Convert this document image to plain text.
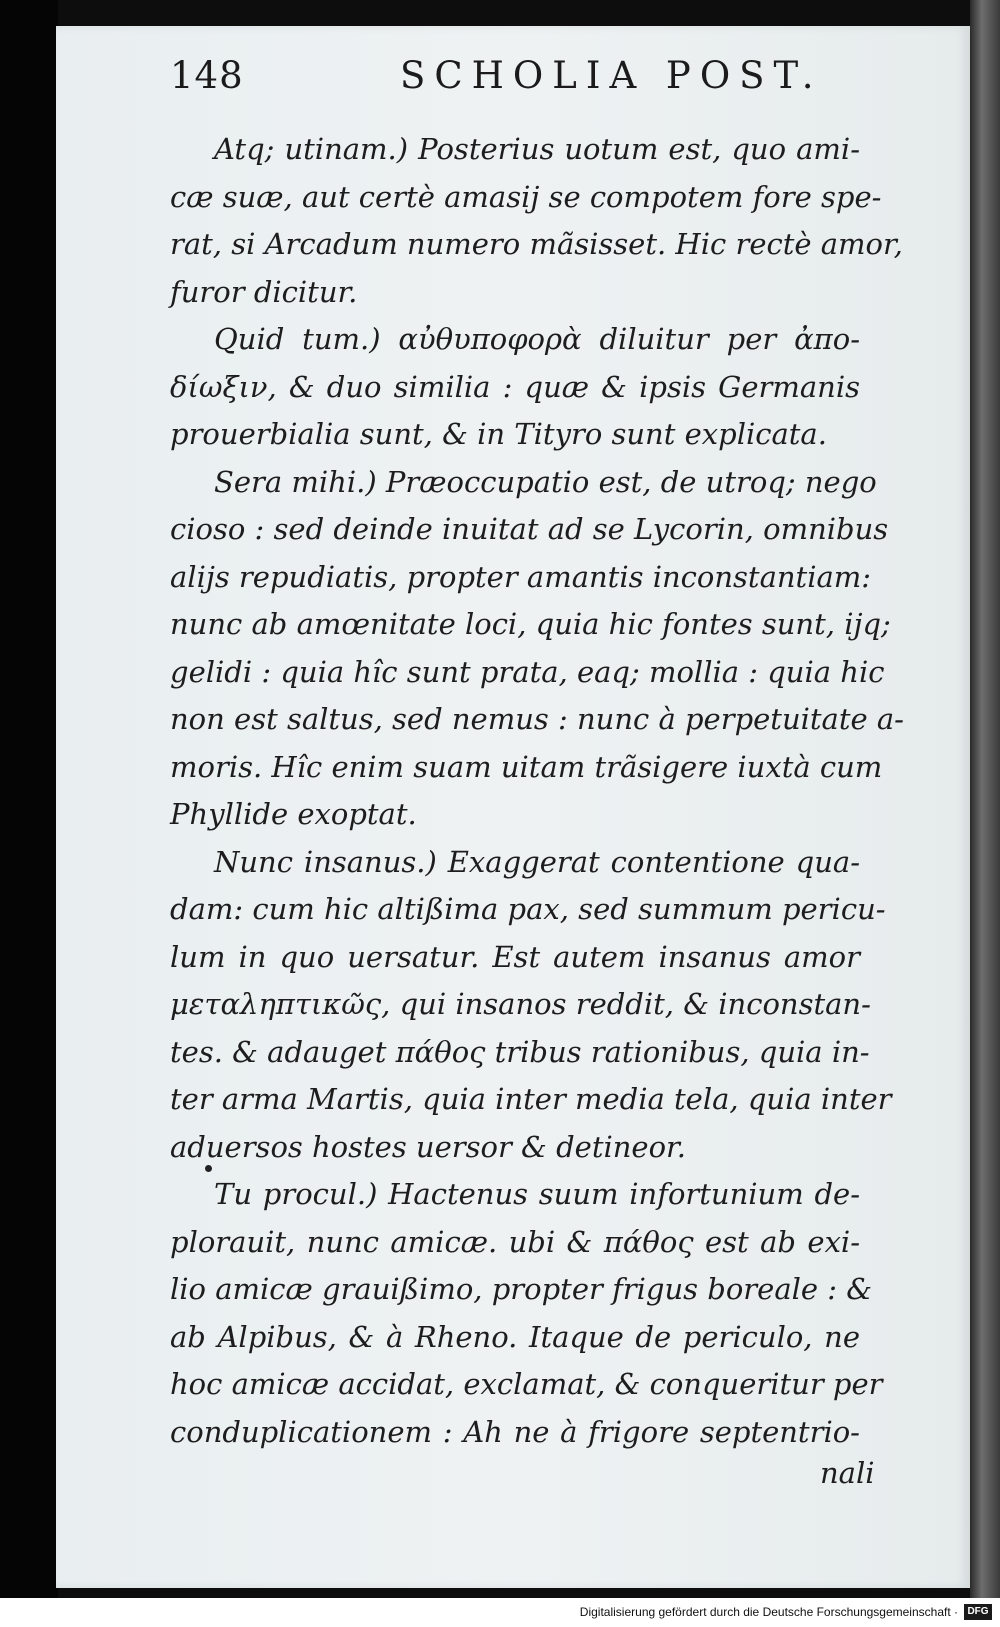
148	SCHOLIA POST.
Atq; utinam.) Posterius uotum est, quo ami-
cæ suæ, aut certè amasij se compotem fore spe-
rat, si Arcadum numero mãsisset. Hic rectè amor,
furor dicitur.
Quid tum.) αὐθυποφορὰ diluitur per ἀπο-
δίωξιν, & duo similia : quæ & ipsis Germanis
prouerbialia sunt, & in Tityro sunt explicata.
Sera mihi.) Præoccupatio est, de utroq; nego
cioso : sed deinde inuitat ad se Lycorin, omnibus
alijs repudiatis, propter amantis inconstantiam:
nunc ab amœnitate loci, quia hic fontes sunt, ijq;
gelidi : quia hîc sunt prata, eaq; mollia : quia hic
non est saltus, sed nemus : nunc à perpetuitate a-
moris. Hîc enim suam uitam trãsigere iuxtà cum
Phyllide exoptat.
Nunc insanus.) Exaggerat contentione qua-
dam: cum hic altißima pax, sed summum pericu-
lum in quo uersatur. Est autem insanus amor
μεταληπτικῶς, qui insanos reddit, & inconstan-
tes. & adauget πάθος tribus rationibus, quia in-
ter arma Martis, quia inter media tela, quia inter
aduersos hostes uersor & detineor.
Tu procul.) Hactenus suum infortunium de-
plorauit, nunc amicæ. ubi & πάθος est ab exi-
lio amicæ grauißimo, propter frigus boreale : &
ab Alpibus, & à Rheno. Itaque de periculo, ne
hoc amicæ accidat, exclamat, & conqueritur per
conduplicationem : Ah ne à frigore septentrio-
nali
Digitalisierung gefördert durch die Deutsche Forschungsgemeinschaft · DFG
